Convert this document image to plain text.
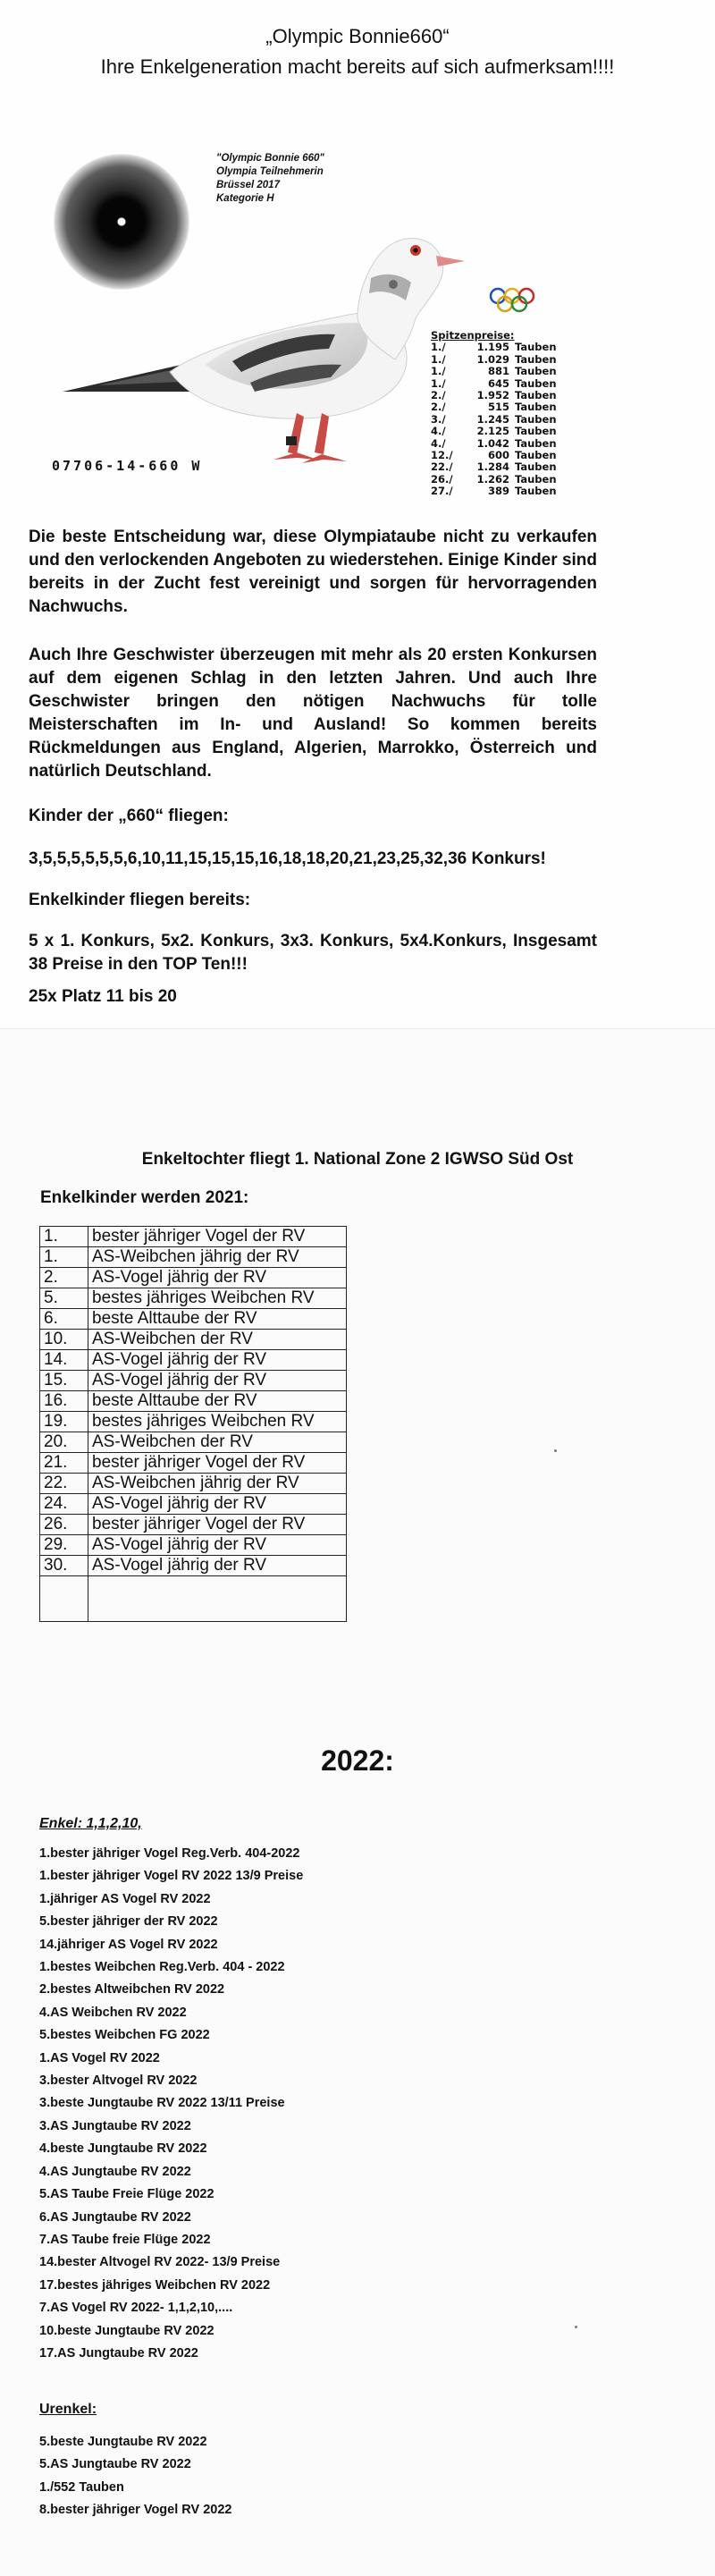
„Olympic Bonnie660“
Ihre Enkelgeneration macht bereits auf sich aufmerksam!!!!
"Olympic Bonnie 660"
Olympia Teilnehmerin
Brüssel 2017
Kategorie H
Spitzenpreise:
1./	1.195 Tauben
1./	1.029 Tauben
1./	881 Tauben
1./	645 Tauben
2./	1.952 Tauben
2./	515 Tauben
3./	1.245 Tauben
4./	2.125 Tauben
4./	1.042 Tauben
12./	600 Tauben
22./ 1.284 Tauben
26./ 1.262 Tauben
27./	389 Tauben
07706-14-660 W

Die beste Entscheidung war, diese Olympiataube nicht zu verkaufen und den verlockenden Angeboten zu wiederstehen. Einige Kinder sind bereits in der Zucht fest vereinigt und sorgen für hervorragenden Nachwuchs.

Auch Ihre Geschwister überzeugen mit mehr als 20 ersten Konkursen auf dem eigenen Schlag in den letzten Jahren. Und auch Ihre Geschwister bringen den nötigen Nachwuchs für tolle Meisterschaften im In- und Ausland! So kommen bereits Rückmeldungen aus England, Algerien, Marrokko, Österreich und natürlich Deutschland.

Kinder der „660“ fliegen:

3,5,5,5,5,5,5,6,10,11,15,15,15,16,18,18,20,21,23,25,32,36 Konkurs!

Enkelkinder fliegen bereits:

5 x 1. Konkurs, 5x2. Konkurs, 3x3. Konkurs, 5x4.Konkurs, Insgesamt 38 Preise in den TOP Ten!!!

25x Platz 11 bis 20

Enkeltochter fliegt 1. National Zone 2 IGWSO Süd Ost
Enkelkinder werden 2021:
1.	bester jähriger Vogel der RV
1.	AS-Weibchen jährig der RV
2.	AS-Vogel jährig der RV
5.	bestes jähriges Weibchen RV
6.	beste Alttaube der RV
10.	AS-Weibchen der RV
14.	AS-Vogel jährig der RV
15.	AS-Vogel jährig der RV
16.	beste Alttaube der RV
19.	bestes jähriges Weibchen RV
20.	AS-Weibchen der RV
21.	bester jähriger Vogel der RV
22.	AS-Weibchen jährig der RV
24.	AS-Vogel jährig der RV
26.	bester jähriger Vogel der RV
29.	AS-Vogel jährig der RV
30.	AS-Vogel jährig der RV

2022:
Enkel: 1,1,2,10,
1.bester jähriger Vogel Reg.Verb. 404-2022
1.bester jähriger Vogel RV 2022 13/9 Preise
1.jähriger AS Vogel RV 2022
5.bester jähriger der RV 2022
14.jähriger AS Vogel RV 2022
1.bestes Weibchen Reg.Verb. 404 - 2022
2.bestes Altweibchen RV 2022
4.AS Weibchen RV 2022
5.bestes Weibchen FG 2022
1.AS Vogel RV 2022
3.bester Altvogel RV 2022
3.beste Jungtaube RV 2022 13/11 Preise
3.AS Jungtaube RV 2022
4.beste Jungtaube RV 2022
4.AS Jungtaube RV 2022
5.AS Taube Freie Flüge 2022
6.AS Jungtaube RV 2022
7.AS Taube freie Flüge 2022
14.bester Altvogel RV 2022- 13/9 Preise
17.bestes jähriges Weibchen RV 2022
7.AS Vogel RV 2022- 1,1,2,10,....
10.beste Jungtaube RV 2022
17.AS Jungtaube RV 2022
Urenkel:
5.beste Jungtaube RV 2022
5.AS Jungtaube RV 2022
1./552 Tauben
8.bester jähriger Vogel RV 2022
